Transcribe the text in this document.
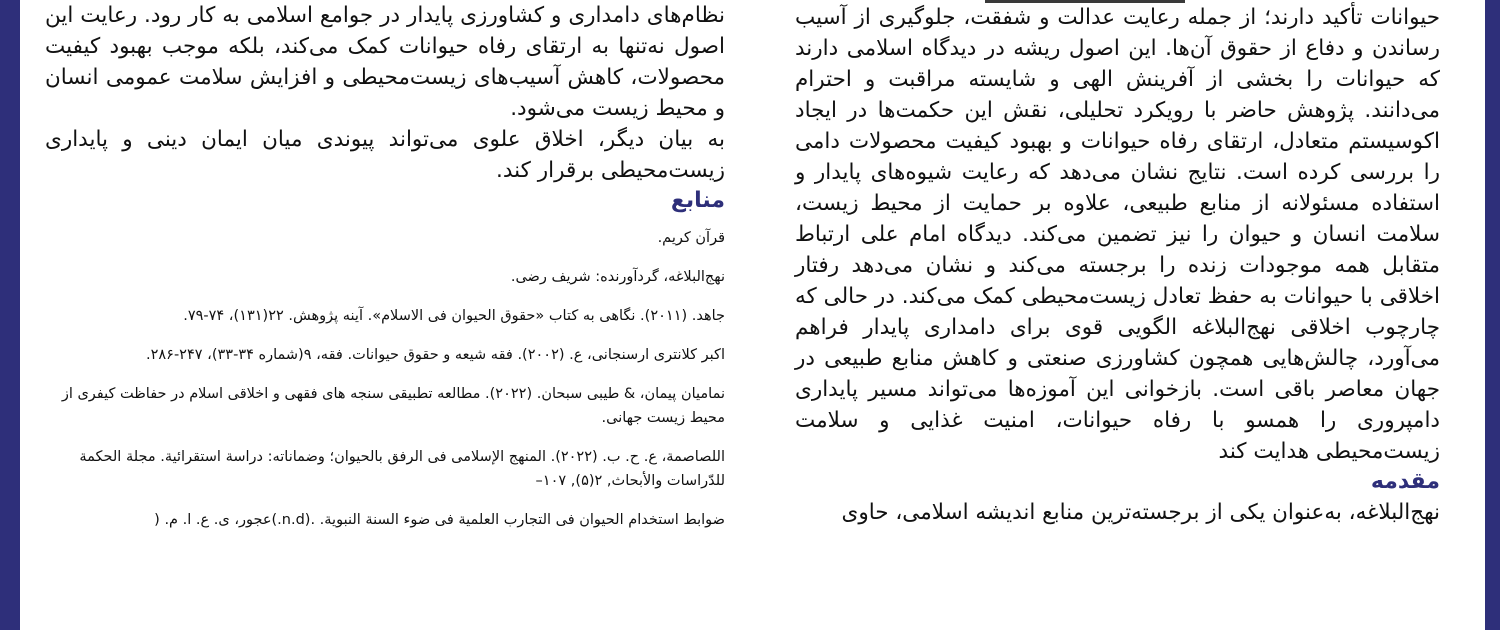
نظام‌های دامداری و کشاورزی پایدار در جوامع اسلامی به کار رود. رعایت این اصول نه‌تنها به ارتقای رفاه حیوانات کمک می‌کند، بلکه موجب بهبود کیفیت محصولات، کاهش آسیب‌های زیست‌محیطی و افزایش سلامت عمومی انسان و محیط زیست می‌شود.

به بیان دیگر، اخلاق علوی می‌تواند پیوندی میان ایمان دینی و پایداری زیست‌محیطی برقرار کند.

منابع
قرآن کریم.
نهج‌البلاغه، گردآورنده: شریف رضی.
جاهد. (۲۰۱۱). نگاهی به کتاب «حقوق الحیوان فی الاسلام». آینه پژوهش. ۲۲(۱۳۱)، ۷۴-۷۹.
اکبر کلانتری ارسنجانی، ع. (۲۰۰۲). فقه شیعه و حقوق حیوانات. فقه، ۹(شماره ۳۴-۳۳)، ۲۴۷-۲۸۶.
نمامیان پیمان، & طیبی سبحان. (۲۰۲۲). مطالعه تطبیقی سنجه های فقهی و اخلاقی اسلام در حفاظت کیفری از محیط زیست جهانی.
اللصاصمة، ع. ح. ب. (۲۰۲۲). المنهج الإسلامی فی الرفق بالحیوان؛ وضماناته: دراسة استقرائیة. مجلة الحکمة للدّراسات والأبحاث, ۲(۵), ۱۰۷–
ضوابط استخدام الحیوان فی التجارب العلمیة فی ضوء السنة النبویة. .(n.d.)عجور، ی. ع. ا. م. (

حیوانات تأکید دارند؛ از جمله رعایت عدالت و شفقت، جلوگیری از آسیب رساندن و دفاع از حقوق آن‌ها. این اصول ریشه در دیدگاه اسلامی دارند که حیوانات را بخشی از آفرینش الهی و شایسته مراقبت و احترام می‌دانند. پژوهش حاضر با رویکرد تحلیلی، نقش این حکمت‌ها در ایجاد اکوسیستم متعادل، ارتقای رفاه حیوانات و بهبود کیفیت محصولات دامی را بررسی کرده است. نتایج نشان می‌دهد که رعایت شیوه‌های پایدار و استفاده مسئولانه از منابع طبیعی، علاوه بر حمایت از محیط زیست، سلامت انسان و حیوان را نیز تضمین می‌کند. دیدگاه امام علی ارتباط متقابل همه موجودات زنده را برجسته می‌کند و نشان می‌دهد رفتار اخلاقی با حیوانات به حفظ تعادل زیست‌محیطی کمک می‌کند. در حالی که چارچوب اخلاقی نهج‌البلاغه الگویی قوی برای دامداری پایدار فراهم می‌آورد، چالش‌هایی همچون کشاورزی صنعتی و کاهش منابع طبیعی در جهان معاصر باقی است. بازخوانی این آموزه‌ها می‌تواند مسیر پایداری دامپروری را همسو با رفاه حیوانات، امنیت غذایی و سلامت زیست‌محیطی هدایت کند

مقدمه

نهج‌البلاغه، به‌عنوان یکی از برجسته‌ترین منابع اندیشه اسلامی، حاوی
